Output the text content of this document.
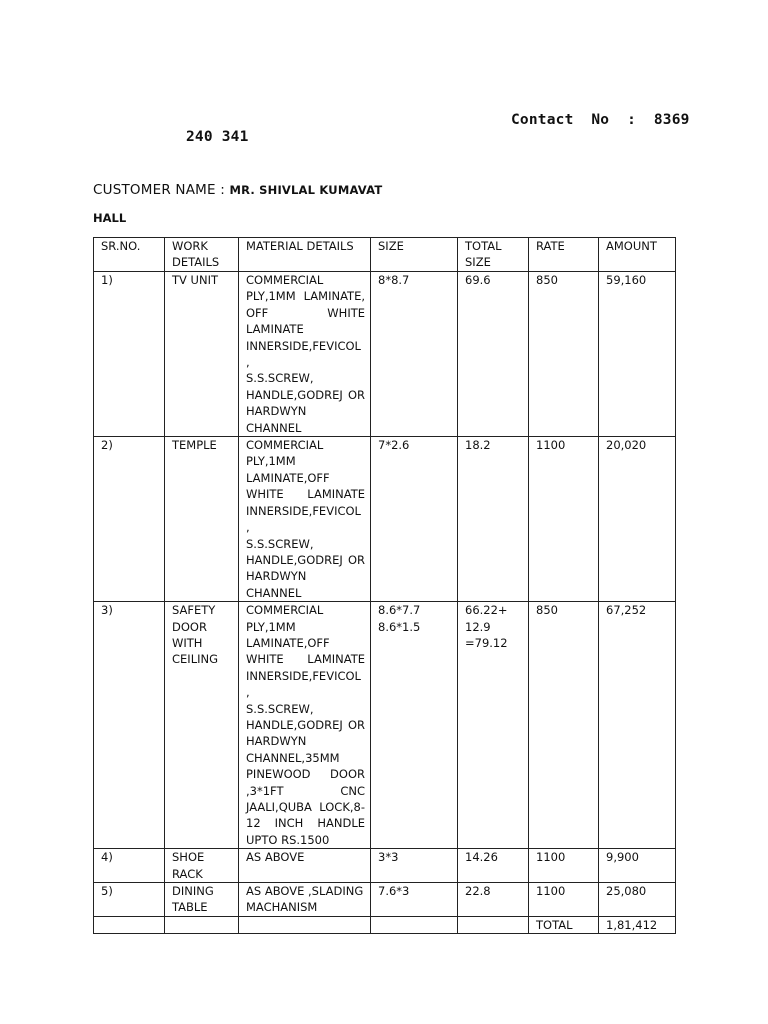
Contact  No  :  8369
240 341
CUSTOMER NAME : MR. SHIVLAL KUMAVAT
HALL
SR.NO.	WORK DETAILS	MATERIAL DETAILS	SIZE	TOTAL SIZE	RATE	AMOUNT
1)	TV UNIT	COMMERCIAL PLY,1MM LAMINATE, OFF WHITE LAMINATE INNERSIDE,FEVICOL ,
S.S.SCREW, HANDLE,GODREJ OR HARDWYN CHANNEL	8*8.7	69.6	850	59,160
2)	TEMPLE	COMMERCIAL PLY,1MM LAMINATE,OFF WHITE LAMINATE INNERSIDE,FEVICOL ,
S.S.SCREW, HANDLE,GODREJ OR HARDWYN CHANNEL	7*2.6	18.2	1100	20,020
3)	SAFETY DOOR WITH CEILING	COMMERCIAL PLY,1MM LAMINATE,OFF WHITE LAMINATE INNERSIDE,FEVICOL ,
S.S.SCREW, HANDLE,GODREJ OR HARDWYN CHANNEL,35MM PINEWOOD DOOR ,3*1FT CNC JAALI,QUBA LOCK,8-12 INCH HANDLE UPTO RS.1500	8.6*7.7
8.6*1.5	66.22+
12.9
=79.12	850	67,252
4)	SHOE RACK	AS ABOVE	3*3	14.26	1100	9,900
5)	DINING TABLE	AS ABOVE ,SLADING MACHANISM	7.6*3	22.8	1100	25,080
					TOTAL	1,81,412
